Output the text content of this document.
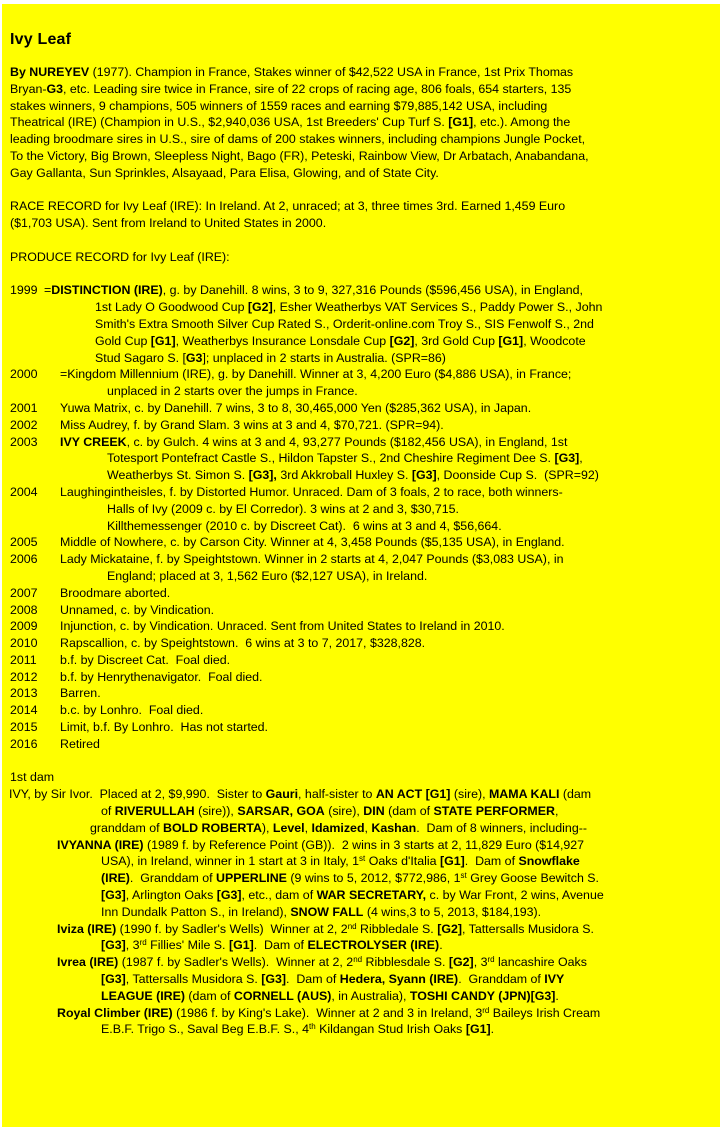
Ivy Leaf
By NUREYEV (1977). Champion in France, Stakes winner of $42,522 USA in France, 1st Prix Thomas
Bryan-G3, etc. Leading sire twice in France, sire of 22 crops of racing age, 806 foals, 654 starters, 135
stakes winners, 9 champions, 505 winners of 1559 races and earning $79,885,142 USA, including
Theatrical (IRE) (Champion in U.S., $2,940,036 USA, 1st Breeders' Cup Turf S. [G1], etc.). Among the
leading broodmare sires in U.S., sire of dams of 200 stakes winners, including champions Jungle Pocket,
To the Victory, Big Brown, Sleepless Night, Bago (FR), Peteski, Rainbow View, Dr Arbatach, Anabandana,
Gay Gallanta, Sun Sprinkles, Alsayaad, Para Elisa, Glowing, and of State City.
RACE RECORD for Ivy Leaf (IRE): In Ireland. At 2, unraced; at 3, three times 3rd. Earned 1,459 Euro
($1,703 USA). Sent from Ireland to United States in 2000.
PRODUCE RECORD for Ivy Leaf (IRE):
1999 =DISTINCTION (IRE), g. by Danehill. 8 wins, 3 to 9, 327,316 Pounds ($596,456 USA), in England,
1st Lady O Goodwood Cup [G2], Esher Weatherbys VAT Services S., Paddy Power S., John
Smith's Extra Smooth Silver Cup Rated S., Orderit-online.com Troy S., SIS Fenwolf S., 2nd
Gold Cup [G1], Weatherbys Insurance Lonsdale Cup [G2], 3rd Gold Cup [G1], Woodcote
Stud Sagaro S. [G3]; unplaced in 2 starts in Australia. (SPR=86)
2000 =Kingdom Millennium (IRE), g. by Danehill. Winner at 3, 4,200 Euro ($4,886 USA), in France;
unplaced in 2 starts over the jumps in France.
2001 Yuwa Matrix, c. by Danehill. 7 wins, 3 to 8, 30,465,000 Yen ($285,362 USA), in Japan.
2002 Miss Audrey, f. by Grand Slam. 3 wins at 3 and 4, $70,721. (SPR=94).
2003 IVY CREEK, c. by Gulch. 4 wins at 3 and 4, 93,277 Pounds ($182,456 USA), in England, 1st
Totesport Pontefract Castle S., Hildon Tapster S., 2nd Cheshire Regiment Dee S. [G3],
Weatherbys St. Simon S. [G3], 3rd Akkroball Huxley S. [G3], Doonside Cup S.  (SPR=92)
2004 Laughingintheisles, f. by Distorted Humor. Unraced. Dam of 3 foals, 2 to race, both winners-
Halls of Ivy (2009 c. by El Corredor). 3 wins at 2 and 3, $30,715.
Killthemessenger (2010 c. by Discreet Cat).  6 wins at 3 and 4, $56,664.
2005 Middle of Nowhere, c. by Carson City. Winner at 4, 3,458 Pounds ($5,135 USA), in England.
2006 Lady Mickataine, f. by Speightstown. Winner in 2 starts at 4, 2,047 Pounds ($3,083 USA), in
England; placed at 3, 1,562 Euro ($2,127 USA), in Ireland.
2007 Broodmare aborted.
2008 Unnamed, c. by Vindication.
2009 Injunction, c. by Vindication. Unraced. Sent from United States to Ireland in 2010.
2010 Rapscallion, c. by Speightstown.  6 wins at 3 to 7, 2017, $328,828.
2011 b.f. by Discreet Cat.  Foal died.
2012 b.f. by Henrythenavigator.  Foal died.
2013 Barren.
2014 b.c. by Lonhro.  Foal died.
2015 Limit, b.f. By Lonhro.  Has not started.
2016 Retired
1st dam
IVY, by Sir Ivor.  Placed at 2, $9,990.  Sister to Gauri, half-sister to AN ACT [G1] (sire), MAMA KALI (dam
of RIVERULLAH (sire)), SARSAR, GOA (sire), DIN (dam of STATE PERFORMER,
granddam of BOLD ROBERTA), Level, Idamized, Kashan.  Dam of 8 winners, including--
IVYANNA (IRE) (1989 f. by Reference Point (GB)).  2 wins in 3 starts at 2, 11,829 Euro ($14,927
USA), in Ireland, winner in 1 start at 3 in Italy, 1st Oaks d'Italia [G1].  Dam of Snowflake
(IRE).  Granddam of UPPERLINE (9 wins to 5, 2012, $772,986, 1st Grey Goose Bewitch S.
[G3], Arlington Oaks [G3], etc., dam of WAR SECRETARY, c. by War Front, 2 wins, Avenue
Inn Dundalk Patton S., in Ireland), SNOW FALL (4 wins,3 to 5, 2013, $184,193).
Iviza (IRE) (1990 f. by Sadler's Wells)  Winner at 2, 2nd Ribbledale S. [G2], Tattersalls Musidora S.
[G3], 3rd Fillies' Mile S. [G1].  Dam of ELECTROLYSER (IRE).
Ivrea (IRE) (1987 f. by Sadler's Wells).  Winner at 2, 2nd Ribblesdale S. [G2], 3rd lancashire Oaks
[G3], Tattersalls Musidora S. [G3].  Dam of Hedera, Syann (IRE).  Granddam of IVY
LEAGUE (IRE) (dam of CORNELL (AUS), in Australia), TOSHI CANDY (JPN)[G3].
Royal Climber (IRE) (1986 f. by King's Lake).  Winner at 2 and 3 in Ireland, 3rd Baileys Irish Cream
E.B.F. Trigo S., Saval Beg E.B.F. S., 4th Kildangan Stud Irish Oaks [G1].
